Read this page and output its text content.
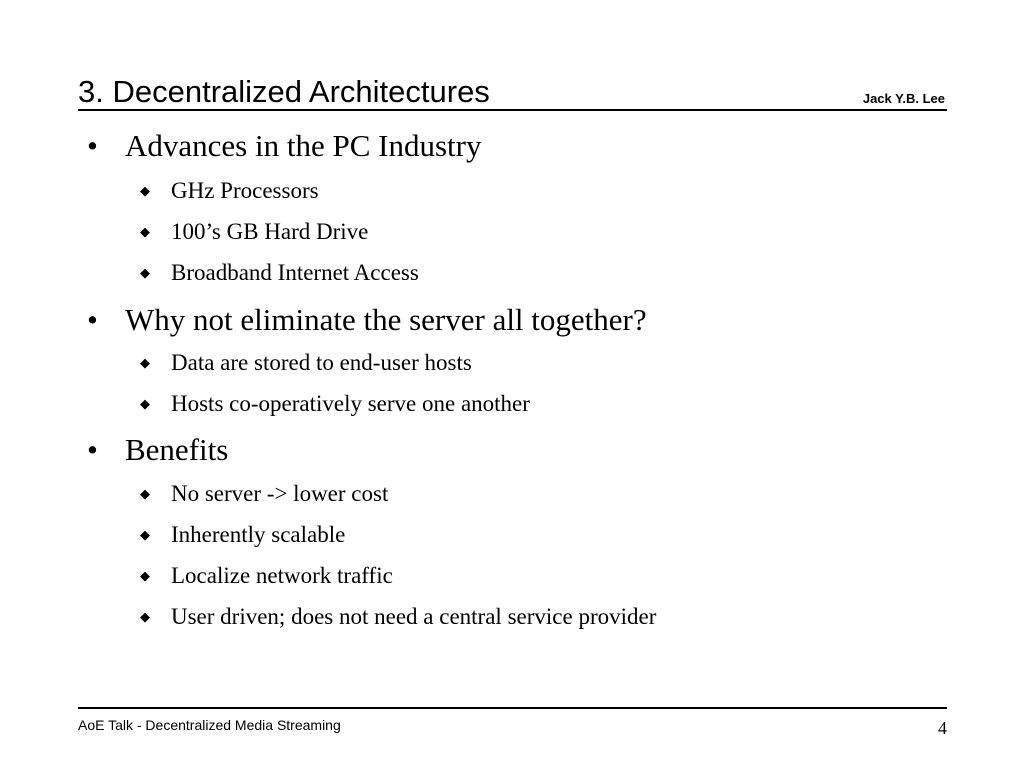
3. Decentralized Architectures	Jack Y.B. Lee
• Advances in the PC Industry
◆ GHz Processors
◆ 100’s GB Hard Drive
◆ Broadband Internet Access
• Why not eliminate the server all together?
◆ Data are stored to end-user hosts
◆ Hosts co-operatively serve one another
• Benefits
◆ No server -> lower cost
◆ Inherently scalable
◆ Localize network traffic
◆ User driven; does not need a central service provider
AoE Talk - Decentralized Media Streaming	4
